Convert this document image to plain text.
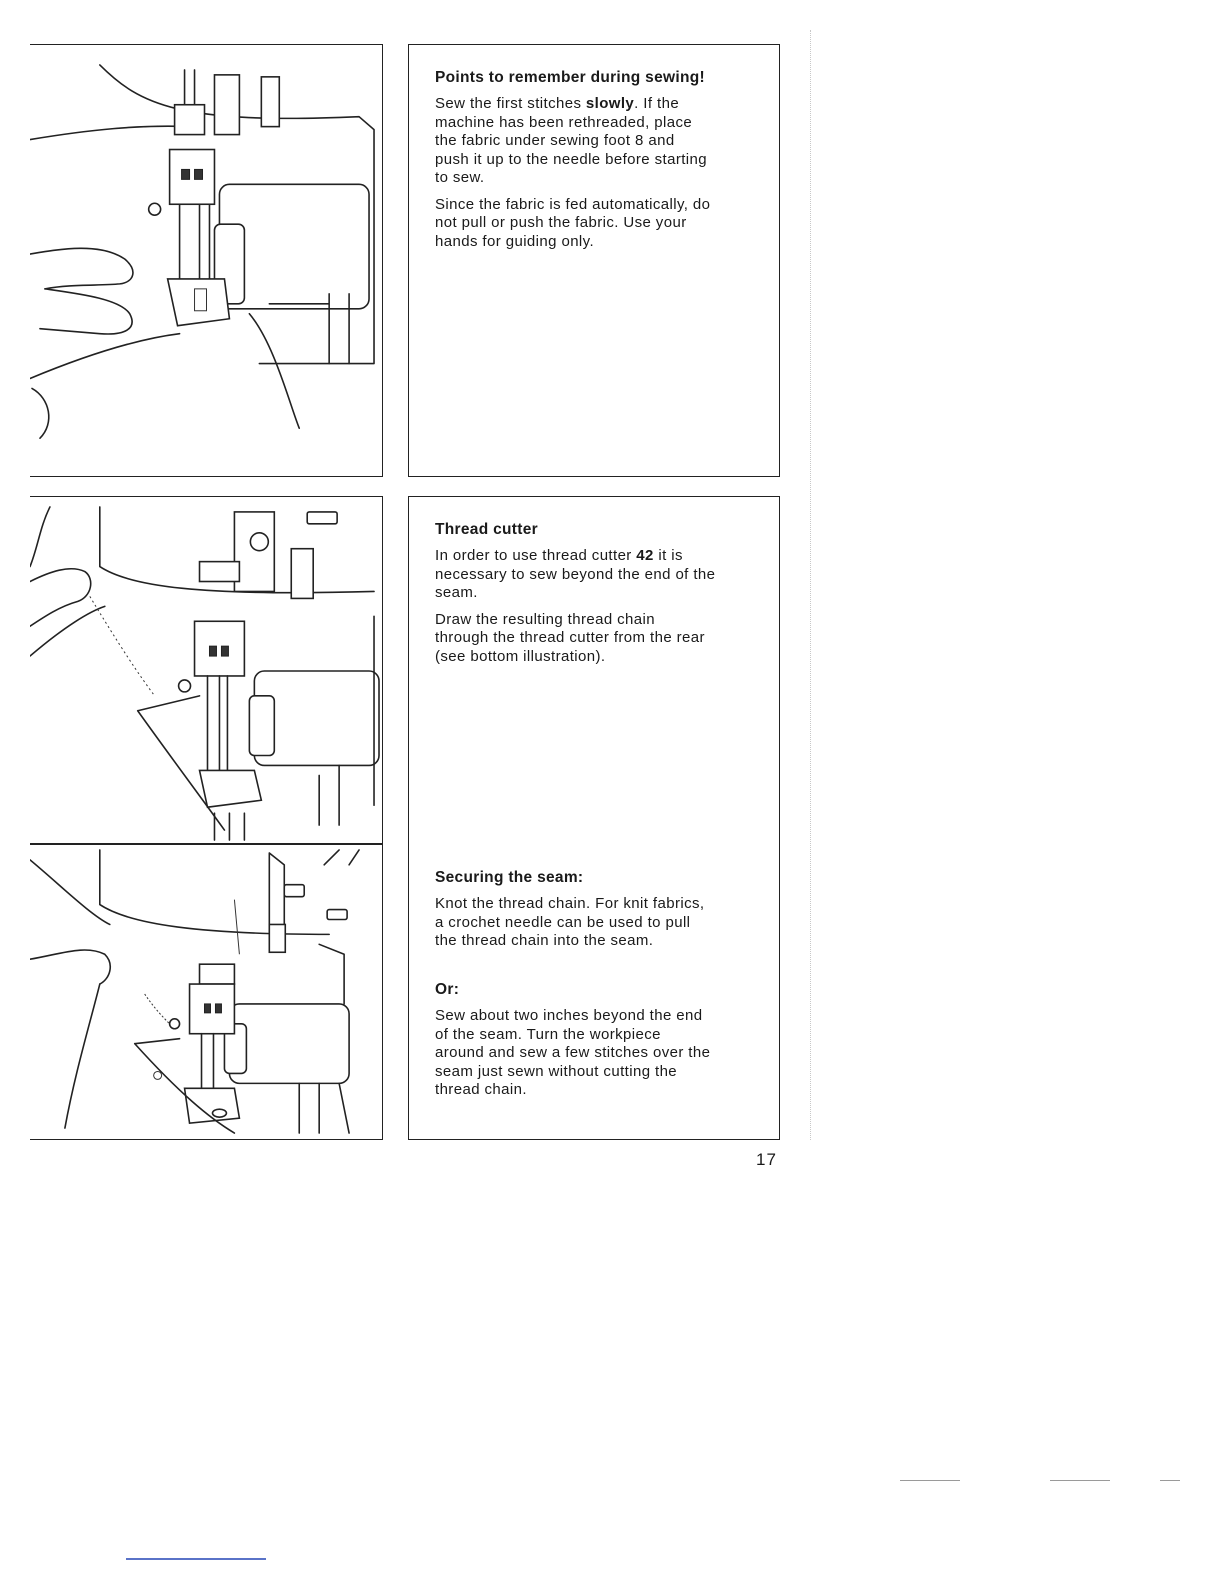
Points to remember during sewing!
Sew the first stitches slowly. If the
machine has been rethreaded, place
the fabric under sewing foot 8 and
push it up to the needle before starting
to sew.
Since the fabric is fed automatically, do
not pull or push the fabric. Use your
hands for guiding only.
Thread cutter
In order to use thread cutter 42 it is
necessary to sew beyond the end of the
seam.
Draw the resulting thread chain
through the thread cutter from the rear
(see bottom illustration).
Securing the seam:
Knot the thread chain. For knit fabrics,
a crochet needle can be used to pull
the thread chain into the seam.
Or:
Sew about two inches beyond the end
of the seam. Turn the workpiece
around and sew a few stitches over the
seam just sewn without cutting the
thread chain.
17
